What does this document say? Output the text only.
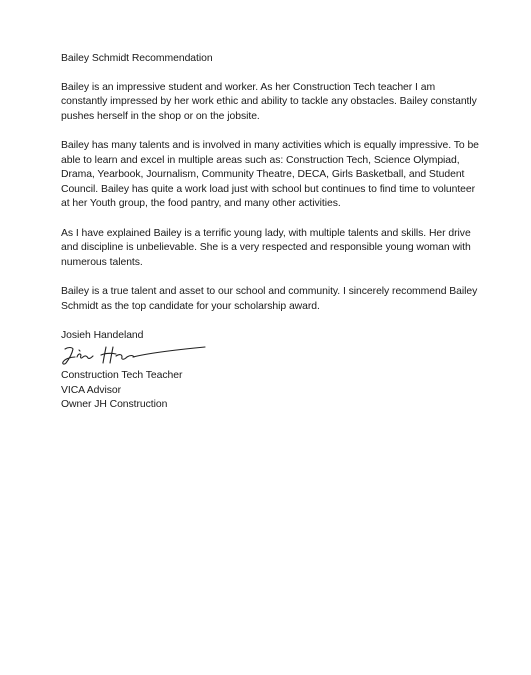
Bailey Schmidt Recommendation
Bailey is an impressive student and worker. As her Construction Tech teacher I am constantly impressed by her work ethic and ability to tackle any obstacles. Bailey constantly pushes herself in the shop or on the jobsite.
Bailey has many talents and is involved in many activities which is equally impressive. To be able to learn and excel in multiple areas such as: Construction Tech, Science Olympiad, Drama, Yearbook, Journalism, Community Theatre, DECA, Girls Basketball, and Student Council. Bailey has quite a work load just with school but continues to find time to volunteer at her Youth group, the food pantry, and many other activities.
As I have explained Bailey is a terrific young lady, with multiple talents and skills. Her drive and discipline is unbelievable. She is a very respected and responsible young woman with numerous talents.
Bailey is a true talent and asset to our school and community. I sincerely recommend Bailey Schmidt as the top candidate for your scholarship award.
Josieh Handeland
Construction Tech Teacher
VICA Advisor
Owner JH Construction
